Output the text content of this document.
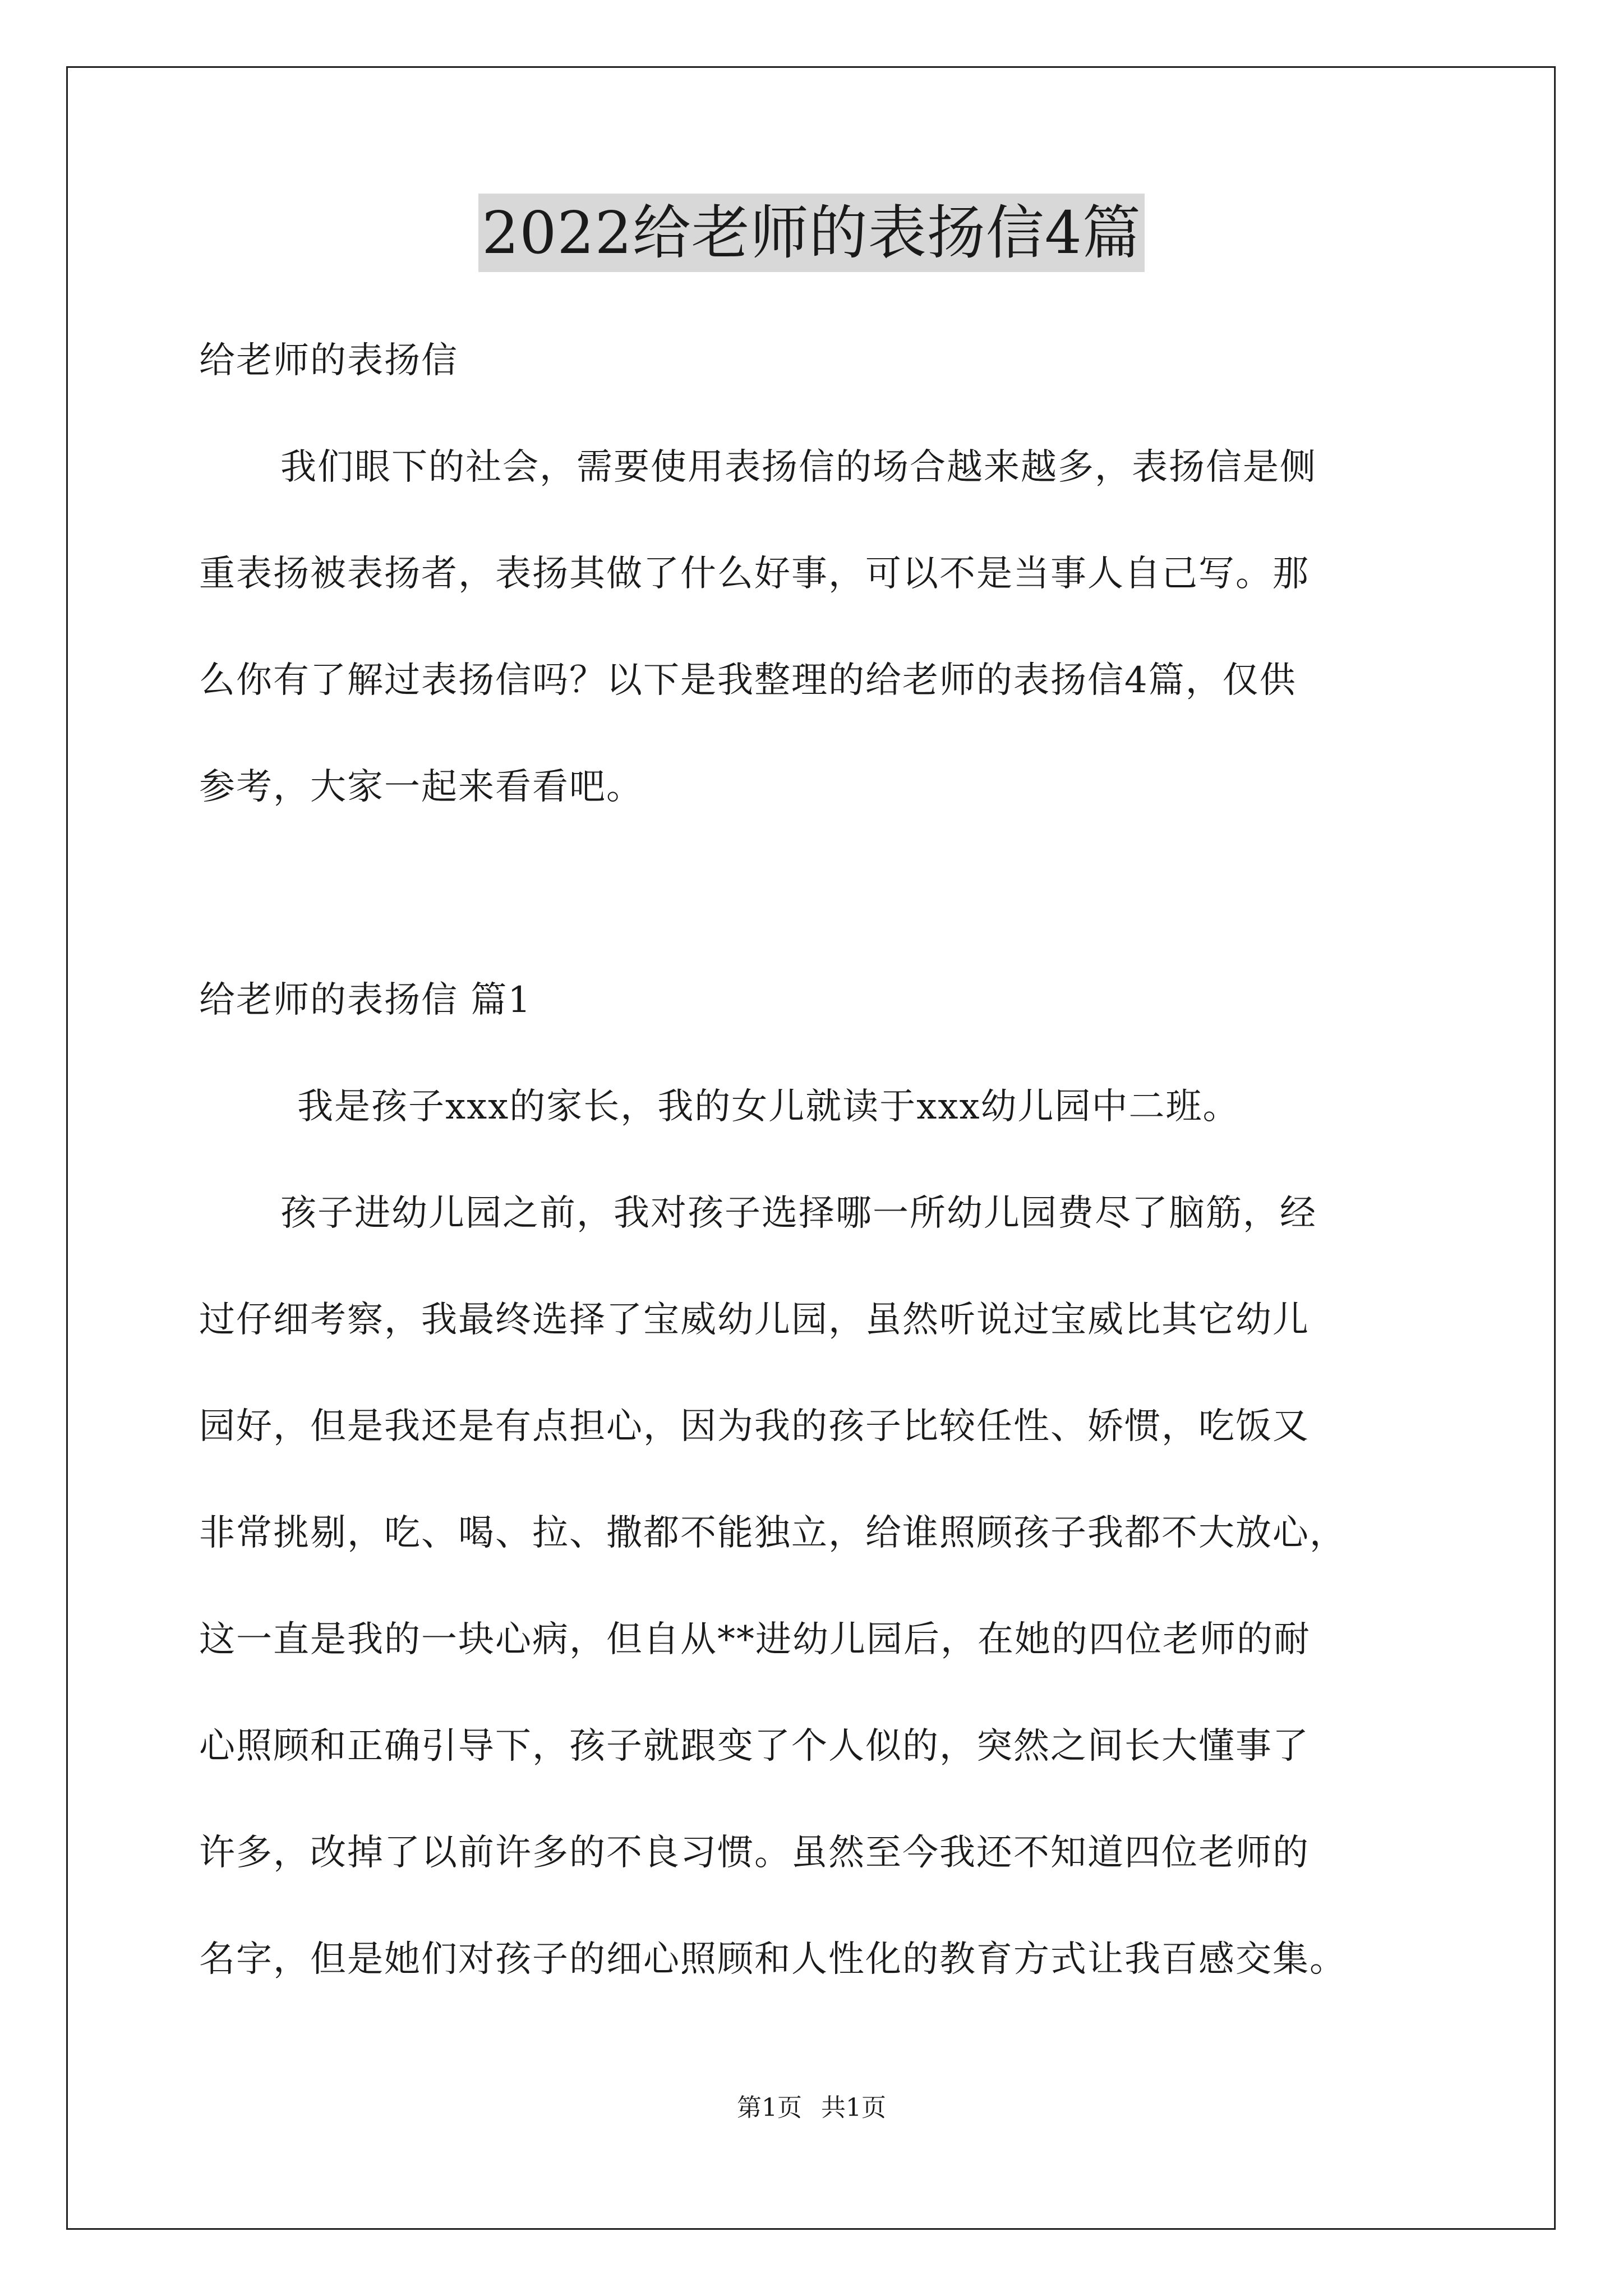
2022给老师的表扬信4篇

给老师的表扬信

我们眼下的社会，需要使用表扬信的场合越来越多，表扬信是侧

重表扬被表扬者，表扬其做了什么好事，可以不是当事人自己写。那

么你有了解过表扬信吗？以下是我整理的给老师的表扬信4篇，仅供

参考，大家一起来看看吧。

给老师的表扬信 篇1

我是孩子xxx的家长，我的女儿就读于xxx幼儿园中二班。

孩子进幼儿园之前，我对孩子选择哪一所幼儿园费尽了脑筋，经

过仔细考察，我最终选择了宝威幼儿园，虽然听说过宝威比其它幼儿

园好，但是我还是有点担心，因为我的孩子比较任性、娇惯，吃饭又

非常挑剔，吃、喝、拉、撒都不能独立，给谁照顾孩子我都不大放心，

这一直是我的一块心病，但自从**进幼儿园后，在她的四位老师的耐

心照顾和正确引导下，孩子就跟变了个人似的，突然之间长大懂事了

许多，改掉了以前许多的不良习惯。虽然至今我还不知道四位老师的

名字，但是她们对孩子的细心照顾和人性化的教育方式让我百感交集。

第1页 共1页
